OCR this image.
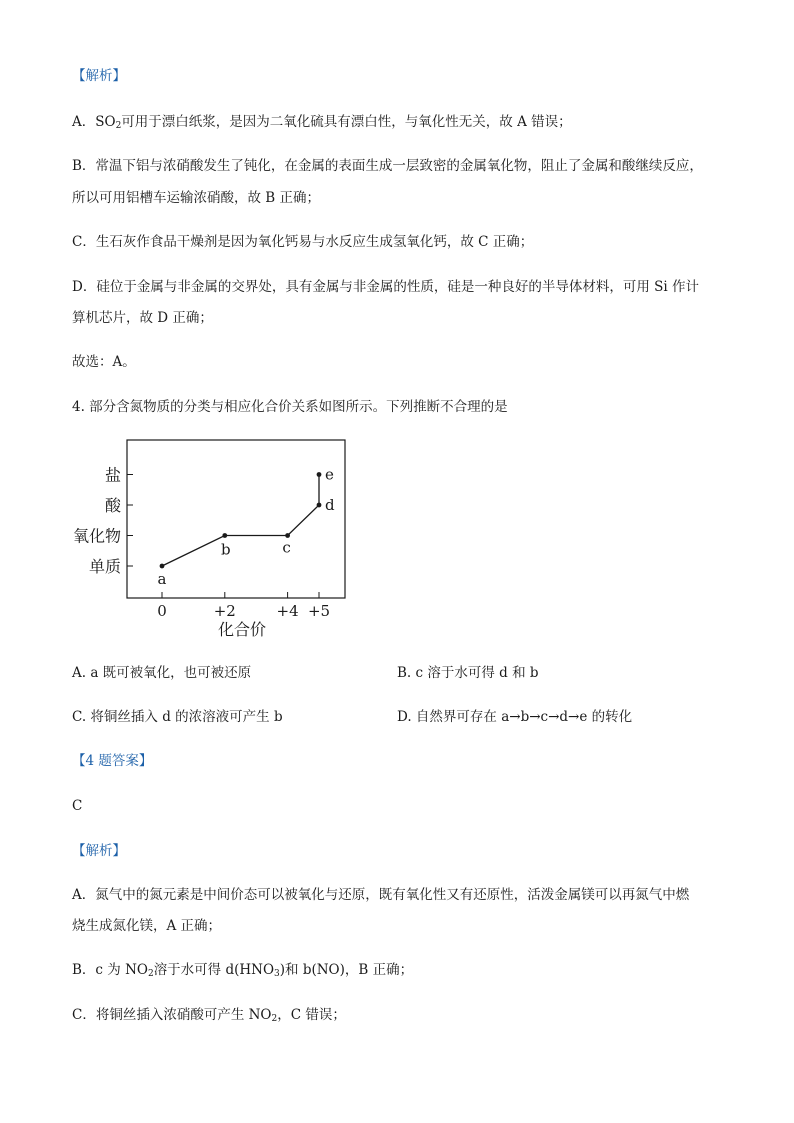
【解析】
A．$SO_2$可用于漂白纸浆，是因为二氧化硫具有漂白性，与氧化性无关，故 A 错误；
B．常温下铝与浓硝酸发生了钝化，在金属的表面生成一层致密的金属氧化物，阻止了金属和酸继续反应，
所以可用铝槽车运输浓硝酸，故 B 正确；
C．生石灰作食品干燥剂是因为氧化钙易与水反应生成氢氧化钙，故 C 正确；
D．硅位于金属与非金属的交界处，具有金属与非金属的性质，硅是一种良好的半导体材料，可用 Si 作计
算机芯片，故 D 正确；
故选：A。
4. 部分含氮物质的分类与相应化合价关系如图所示。下列推断不合理的是
单质
氧化物
酸
盐
0	+2	+4 +5
a
b	c
d
e
化合价
A. a 既可被氧化，也可被还原	B. c 溶于水可得 d 和 b
C. 将铜丝插入 d 的浓溶液可产生 b	D. 自然界可存在 a→b→c→d→e 的转化
【4 题答案】
C
【解析】
A．氮气中的氮元素是中间价态可以被氧化与还原，既有氧化性又有还原性，活泼金属镁可以再氮气中燃
烧生成氮化镁，A 正确；
B．c 为 $NO_2$溶于水可得 $d(HNO_3)$和 b(NO)，B 正确；
C．将铜丝插入浓硝酸可产生 $NO_2$，C 错误；
